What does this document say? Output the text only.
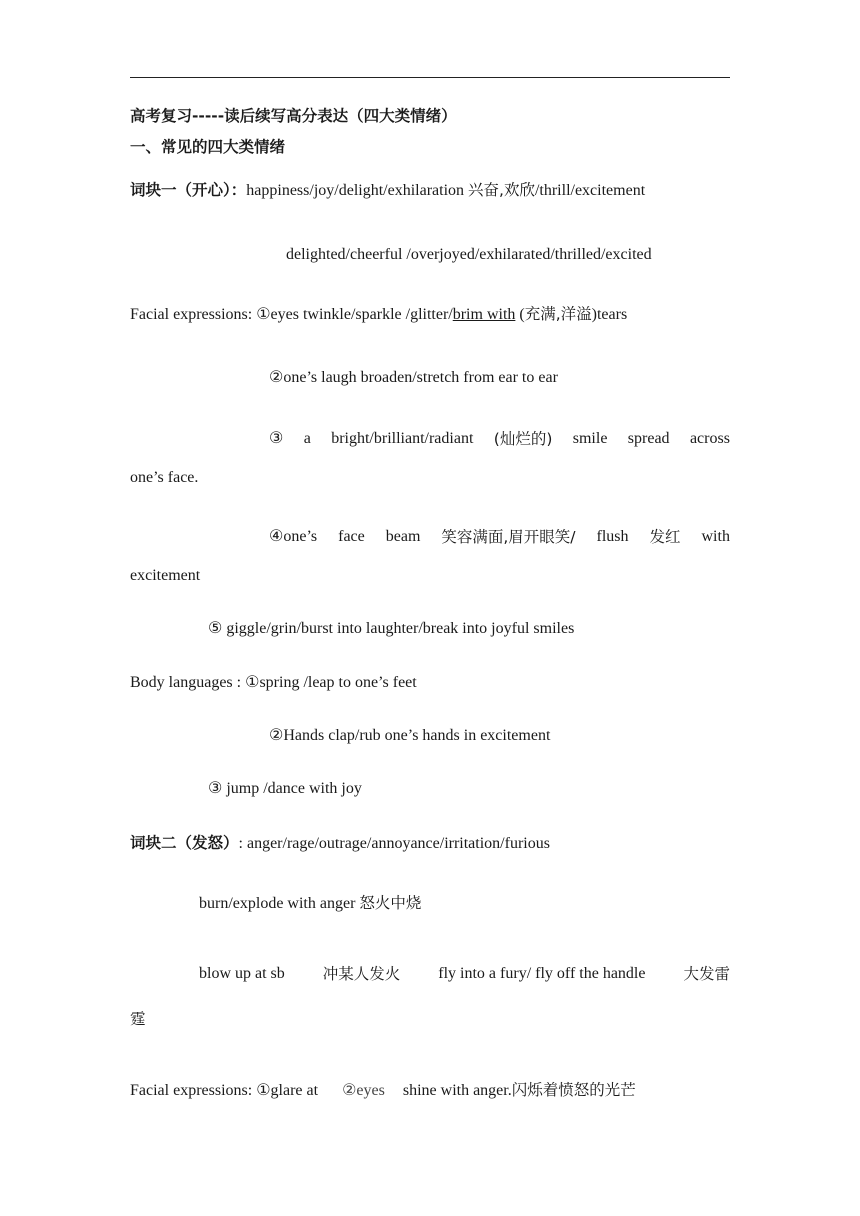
高考复习-----读后续写高分表达（四大类情绪）
一、常见的四大类情绪
词块一（开心）：happiness/joy/delight/exhilaration 兴奋,欢欣/thrill/excitement
delighted/cheerful /overjoyed/exhilarated/thrilled/excited
Facial expressions: ①eyes twinkle/sparkle /glitter/brim with (充满,洋溢)tears
②one’s laugh broaden/stretch from ear to ear
③ a bright/brilliant/radiant (灿烂的) smile spread across
one’s face.
④one’s face beam 笑容满面,眉开眼笑/ flush 发红 with
excitement
⑤ giggle/grin/burst into laughter/break into joyful smiles
Body languages : ①spring /leap to one’s feet
②Hands clap/rub one’s hands in excitement
③ jump /dance with joy
词块二（发怒）: anger/rage/outrage/annoyance/irritation/furious
burn/explode with anger 怒火中烧
blow up at sb 冲某人发火 fly into a fury/ fly off the handle 大发雷
霆
Facial expressions: ①glare at ②eyes shine with anger.闪烁着愤怒的光芒
